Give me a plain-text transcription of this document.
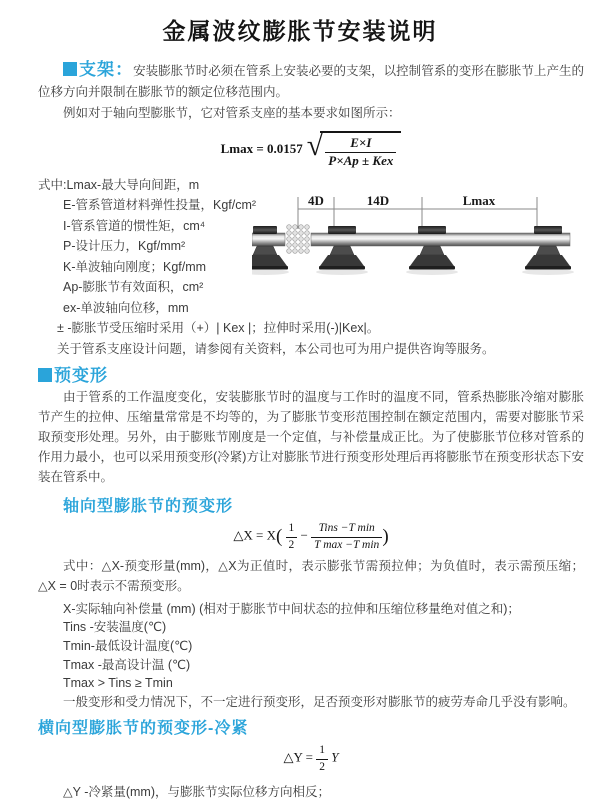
金属波纹膨胀节安装说明

支架：安装膨胀节时必须在管系上安装必要的支架，以控制管系的变形在膨胀节上产生的位移方向并限制在膨胀节的额定位移范围内。

例如对于轴向型膨胀节，它对管系支座的基本要求如图所示：

Lmax = 0.0157 √ $\frac{E\times I}{\text{P×Ap ± Kex}}$
式中:Lmax-最大导向间距，m
E-管系管道材料弹性投量，Kgf/cm²
I-管系管道的惯性矩，cm⁴
P-设计压力，Kgf/mm²
K-单波轴向刚度；Kgf/mm
Ap-膨胀节有效面积，cm²
ex-单波轴向位移，mm
± -膨胀节受压缩时采用（+）| Kex |；拉伸时采用(-)|Kex|。
关于管系支座设计问题，请参阅有关资料，本公司也可为用户提供咨询等服务。
预变形

由于管系的工作温度变化，安装膨胀节时的温度与工作时的温度不同，管系热膨胀冷缩对膨胀节产生的拉伸、压缩量常常是不均等的，为了膨胀节变形范围控制在额定范围内，需要对膨胀节采取预变形处理。另外，由于膨账节刚度是一个定值，与补偿量成正比。为了使膨胀节位移对管系的作用力最小，也可以采用预变形(冷紧)方让对膨胀节进行预变形处理后再将膨胀节在预变形状态下安装在管系中。

轴向型膨胀节的预变形
△X = $X( \frac{1}{2} - \frac{\text{Tins −T min}}{\text{T max −T min}}$ )

式中：△X-预变形量(mm)，△X为正值时，表示膨张节需预拉伸；为负值时，表示需预压缩；△X = 0时表示不需预变形。

X-实际轴向补偿量 (mm) (相对于膨胀节中间状态的拉伸和压缩位移量绝对值之和)；
Tins -安装温度(℃)
Tmin-最低设计温度(℃)
Tmax -最高设计温 (℃)
Tmax > Tins ≥ Tmin
一般变形和受力情况下，不一定进行预变形，足否预变形对膨胀节的疲劳寿命几乎没有影响。
横向型膨胀节的预变形-冷紧
△Y = $\frac{1}{2}$ Y
△Y -冷紧量(mm)，与膨胀节实际位移方向相反；
4D	14D	Lmax
